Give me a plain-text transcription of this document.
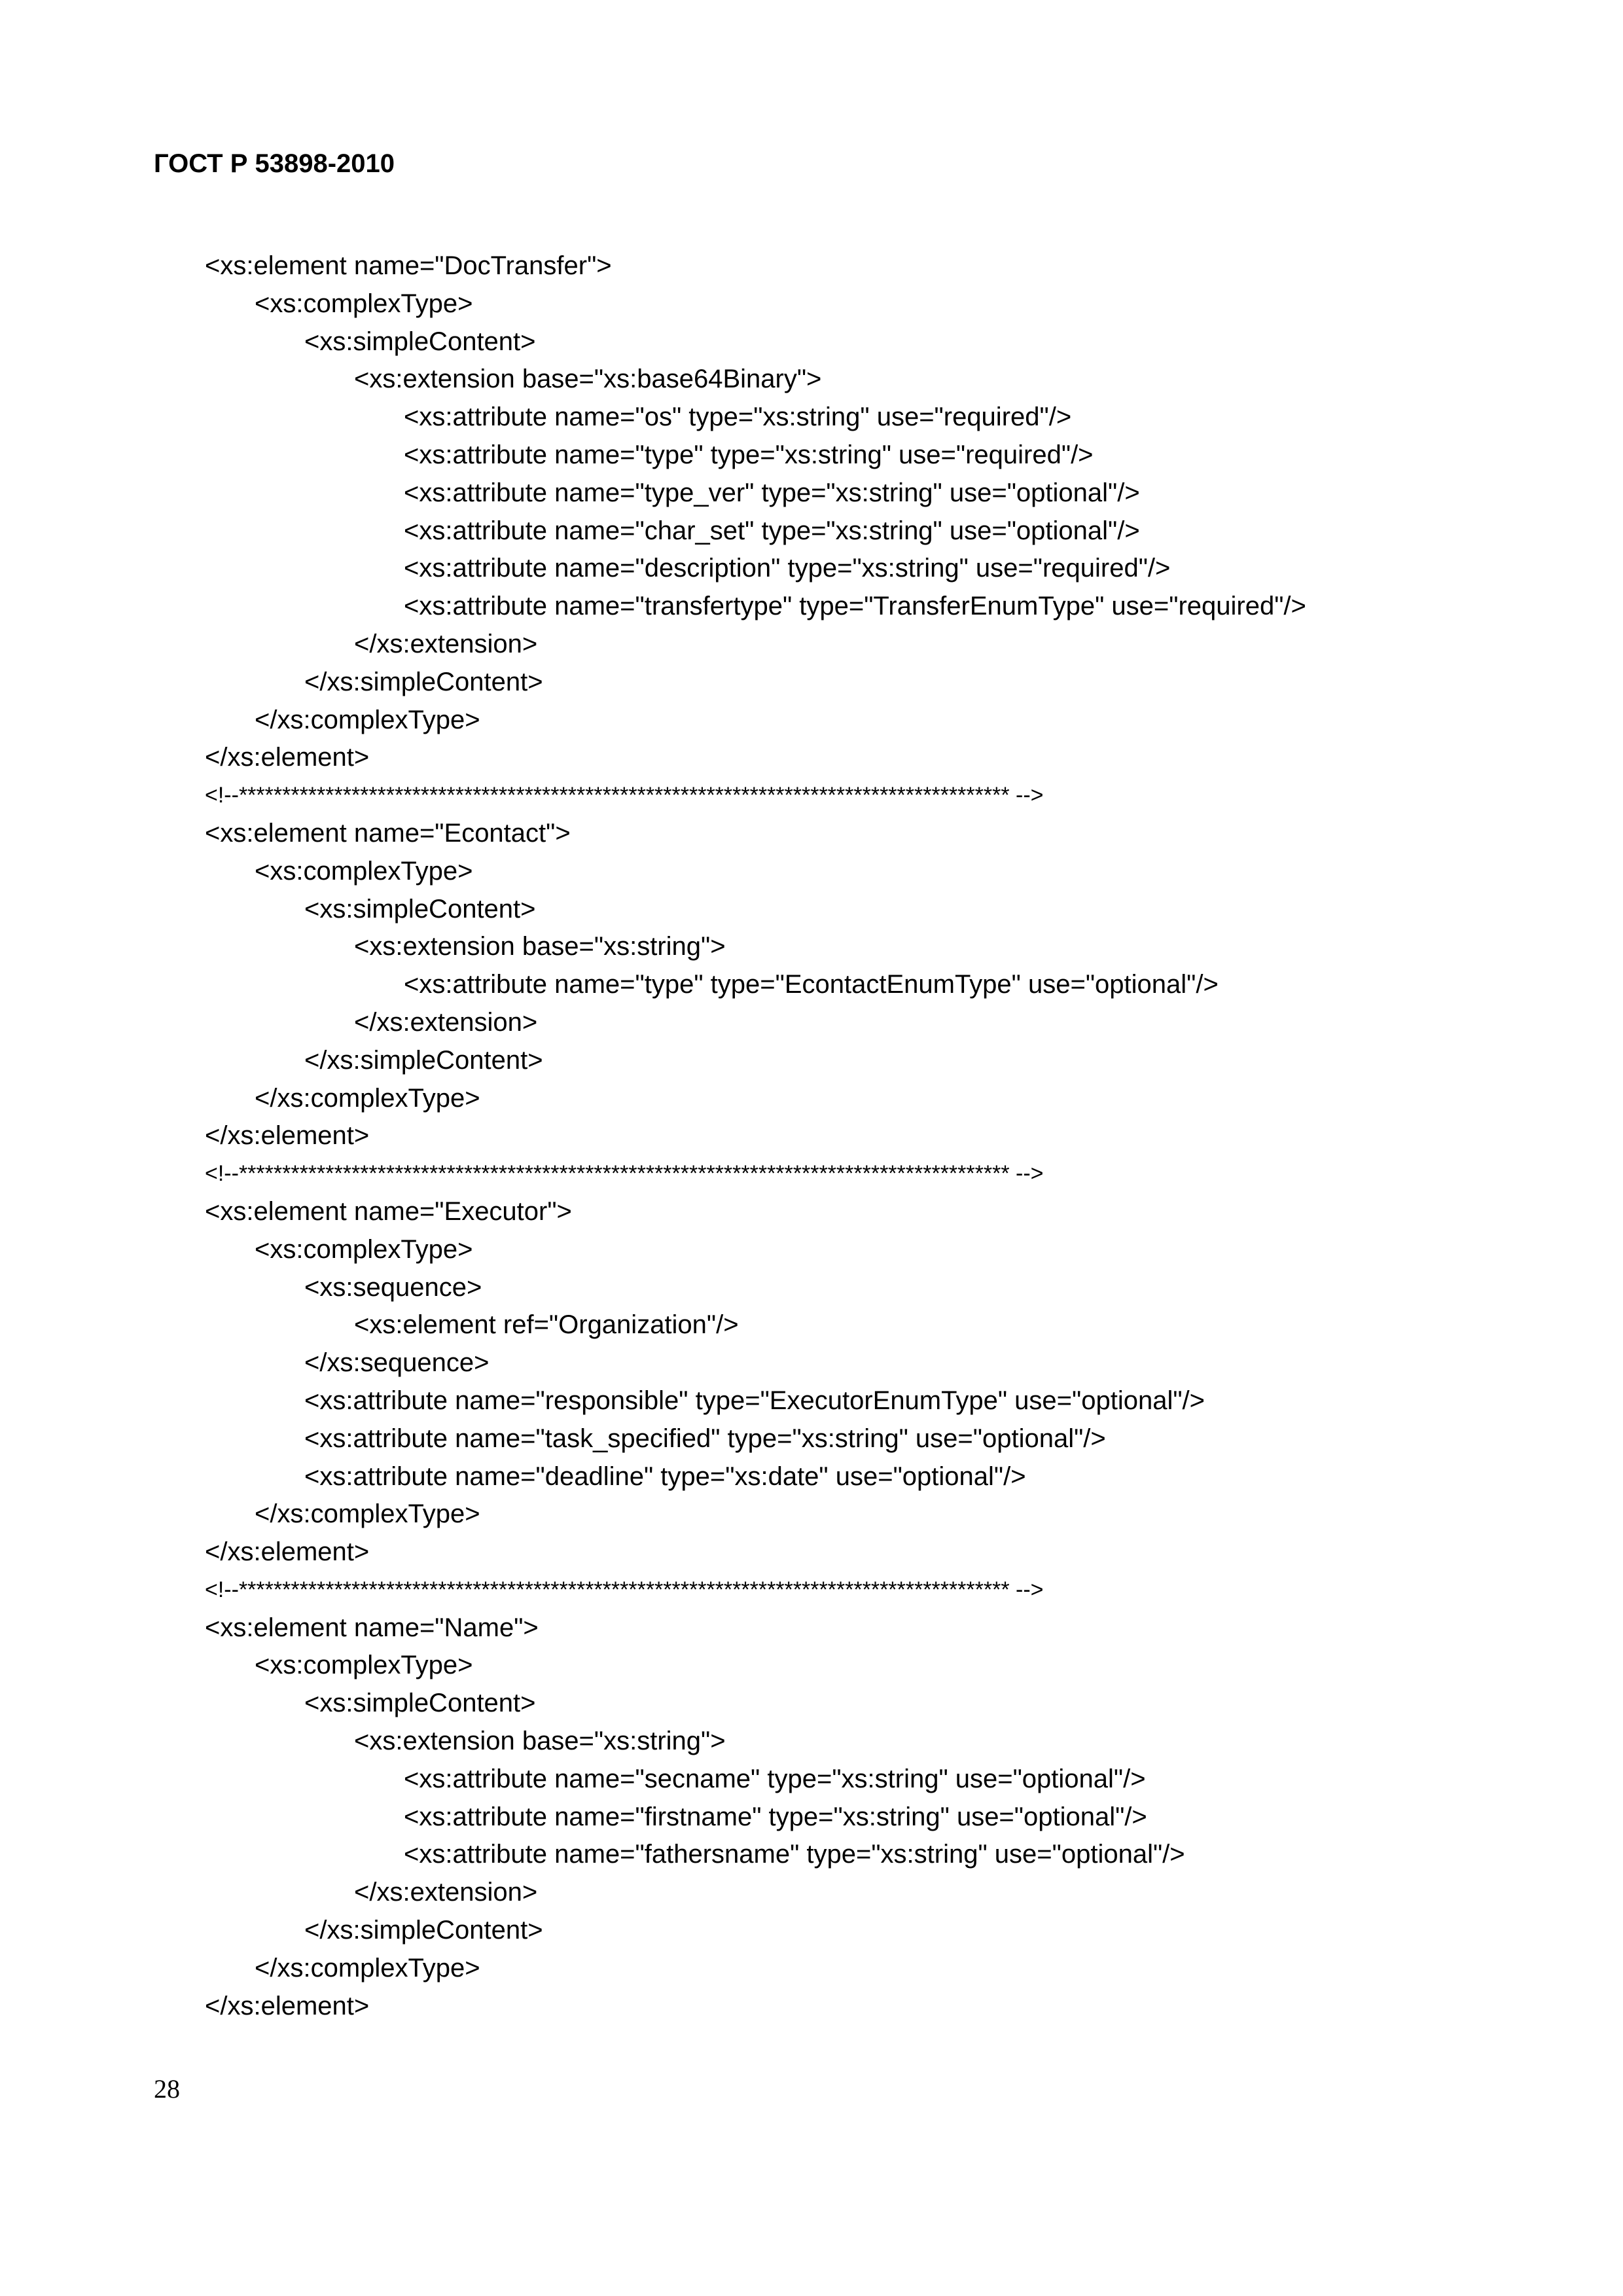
ГОСТ Р 53898-2010
<xs:element name="DocTransfer">
<xs:complexType>
<xs:simpleContent>
<xs:extension base="xs:base64Binary">
<xs:attribute name="os" type="xs:string" use="required"/>
<xs:attribute name="type" type="xs:string" use="required"/>
<xs:attribute name="type_ver" type="xs:string" use="optional"/>
<xs:attribute name="char_set" type="xs:string" use="optional"/>
<xs:attribute name="description" type="xs:string" use="required"/>
<xs:attribute name="transfertype" type="TransferEnumType" use="required"/>
</xs:extension>
</xs:simpleContent>
</xs:complexType>
</xs:element>
<!--***************************************************************************************** -->
<xs:element name="Econtact">
<xs:complexType>
<xs:simpleContent>
<xs:extension base="xs:string">
<xs:attribute name="type" type="EcontactEnumType" use="optional"/>
</xs:extension>
</xs:simpleContent>
</xs:complexType>
</xs:element>
<!--***************************************************************************************** -->
<xs:element name="Executor">
<xs:complexType>
<xs:sequence>
<xs:element ref="Organization"/>
</xs:sequence>
<xs:attribute name="responsible" type="ExecutorEnumType" use="optional"/>
<xs:attribute name="task_specified" type="xs:string" use="optional"/>
<xs:attribute name="deadline" type="xs:date" use="optional"/>
</xs:complexType>
</xs:element>
<!--***************************************************************************************** -->
<xs:element name="Name">
<xs:complexType>
<xs:simpleContent>
<xs:extension base="xs:string">
<xs:attribute name="secname" type="xs:string" use="optional"/>
<xs:attribute name="firstname" type="xs:string" use="optional"/>
<xs:attribute name="fathersname" type="xs:string" use="optional"/>
</xs:extension>
</xs:simpleContent>
</xs:complexType>
</xs:element>
28
